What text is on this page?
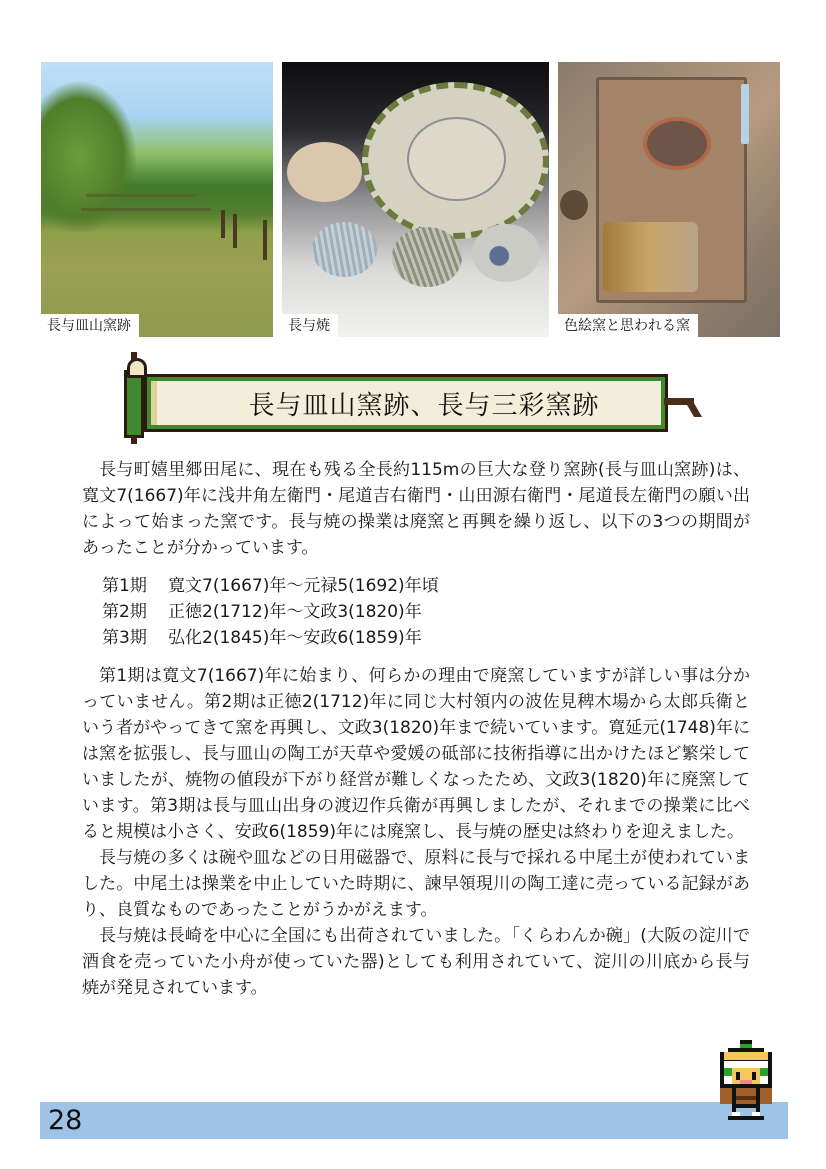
長与皿山窯跡	長与焼	色絵窯と思われる窯
長与皿山窯跡、長与三彩窯跡

長与町嬉里郷田尾に、現在も残る全長約115mの巨大な登り窯跡(長与皿山窯跡)は、寛文7(1667)年に浅井角左衛門・尾道吉右衛門・山田源右衛門・尾道長左衛門の願い出によって始まった窯です。長与焼の操業は廃窯と再興を繰り返し、以下の3つの期間があったことが分かっています。

第1期	寛文7(1667)年～元禄5(1692)年頃
第2期	正徳2(1712)年～文政3(1820)年
第3期	弘化2(1845)年～安政6(1859)年

第1期は寛文7(1667)年に始まり、何らかの理由で廃窯していますが詳しい事は分かっていません。第2期は正徳2(1712)年に同じ大村領内の波佐見稗木場から太郎兵衛という者がやってきて窯を再興し、文政3(1820)年まで続いています。寛延元(1748)年には窯を拡張し、長与皿山の陶工が天草や愛媛の砥部に技術指導に出かけたほど繁栄していましたが、焼物の値段が下がり経営が難しくなったため、文政3(1820)年に廃窯しています。第3期は長与皿山出身の渡辺作兵衛が再興しましたが、それまでの操業に比べると規模は小さく、安政6(1859)年には廃窯し、長与焼の歴史は終わりを迎えました。

長与焼の多くは碗や皿などの日用磁器で、原料に長与で採れる中尾土が使われていました。中尾土は操業を中止していた時期に、諫早領現川の陶工達に売っている記録があり、良質なものであったことがうかがえます。

長与焼は長崎を中心に全国にも出荷されていました。「くらわんか碗」(大阪の淀川で酒食を売っていた小舟が使っていた器)としても利用されていて、淀川の川底から長与焼が発見されています。

28
